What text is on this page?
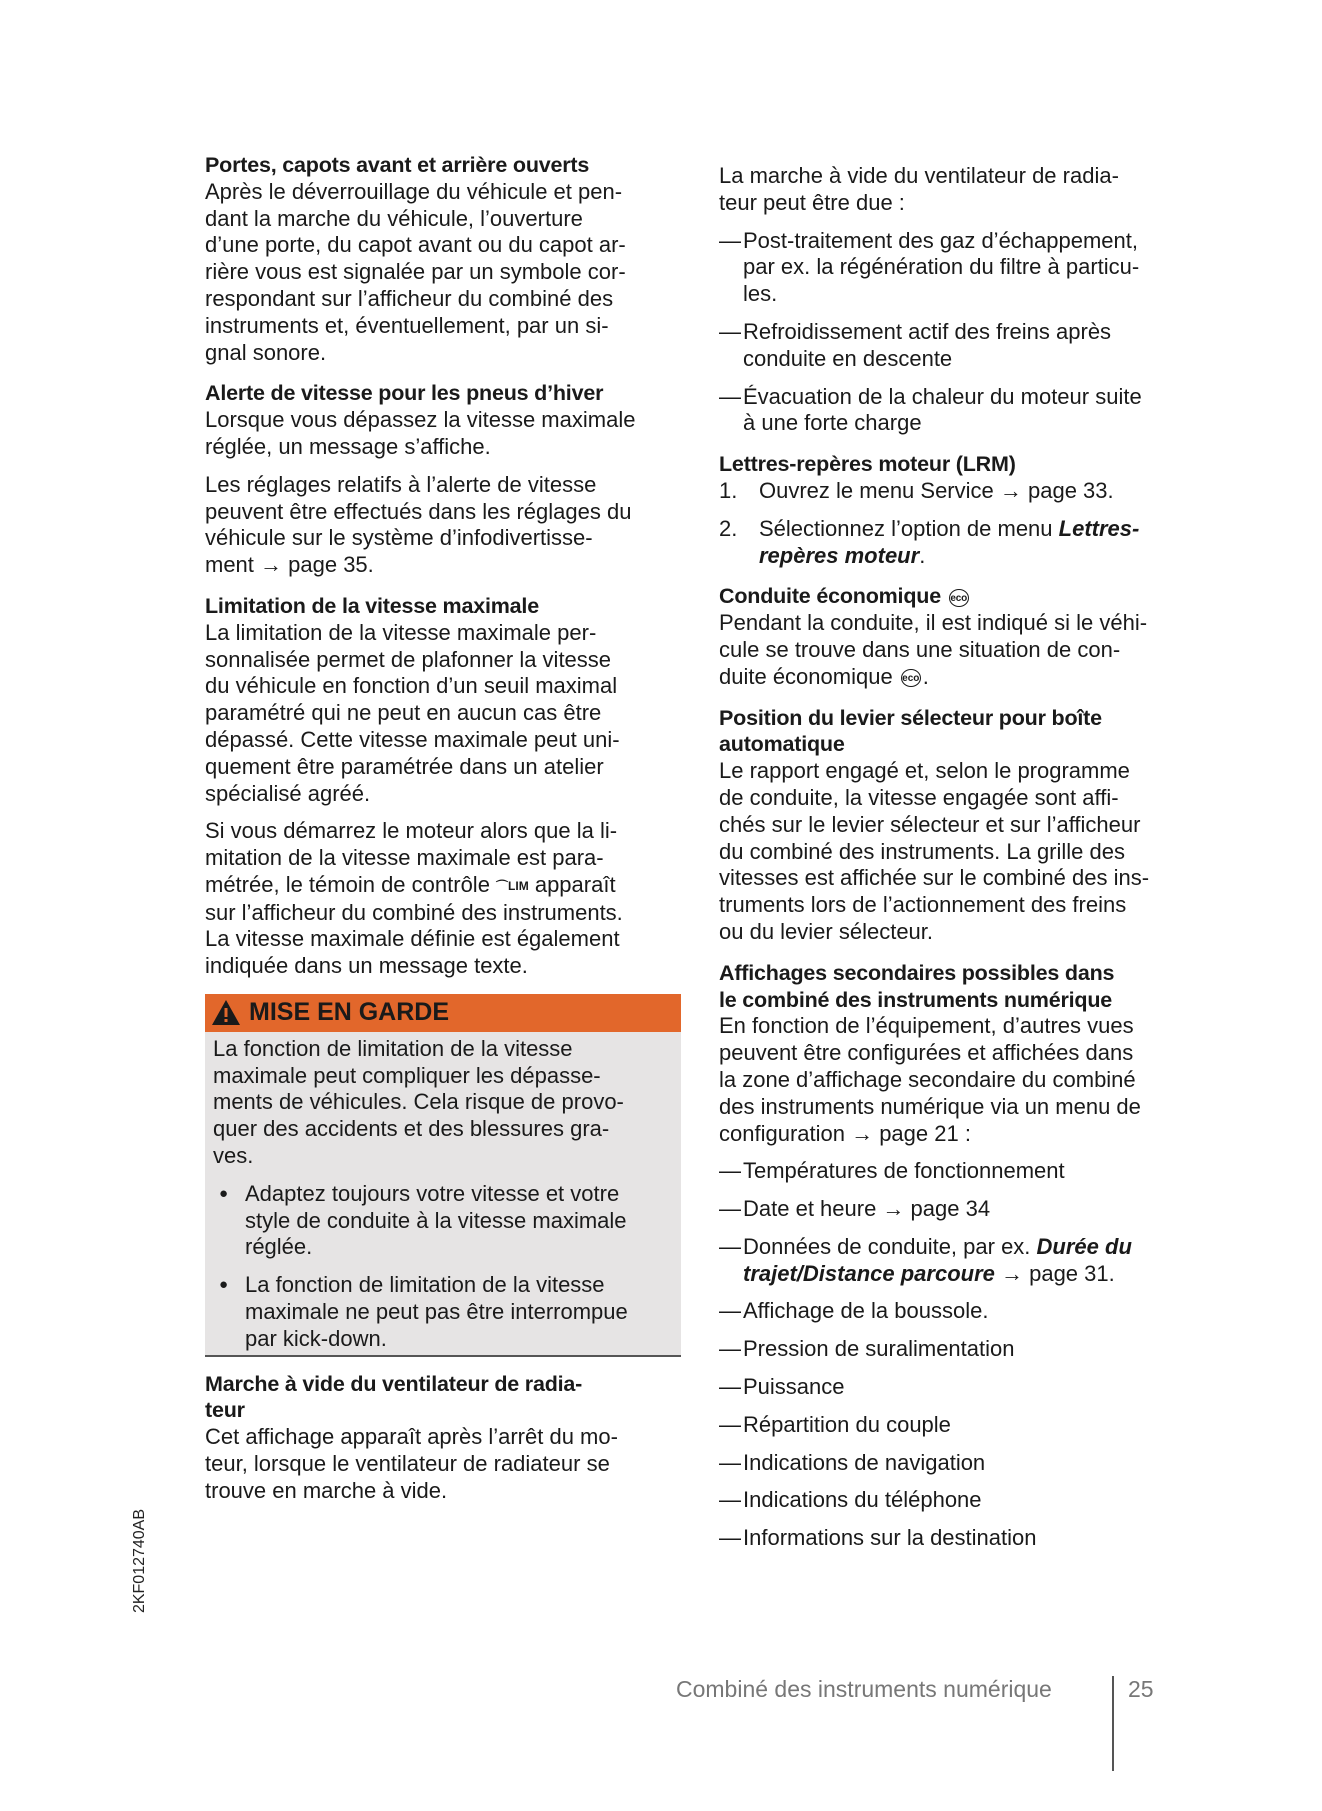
Portes, capots avant et arrière ouverts
Après le déverrouillage du véhicule et pen-
dant la marche du véhicule, l’ouverture
d’une porte, du capot avant ou du capot ar-
rière vous est signalée par un symbole cor-
respondant sur l’afficheur du combiné des
instruments et, éventuellement, par un si-
gnal sonore.
Alerte de vitesse pour les pneus d’hiver
Lorsque vous dépassez la vitesse maximale
réglée, un message s’affiche.
Les réglages relatifs à l’alerte de vitesse
peuvent être effectués dans les réglages du
véhicule sur le système d’infodivertisse-
ment → page 35.
Limitation de la vitesse maximale
La limitation de la vitesse maximale per-
sonnalisée permet de plafonner la vitesse
du véhicule en fonction d’un seuil maximal
paramétré qui ne peut en aucun cas être
dépassé. Cette vitesse maximale peut uni-
quement être paramétrée dans un atelier
spécialisé agréé.
Si vous démarrez le moteur alors que la li-
mitation de la vitesse maximale est para-
métrée, le témoin de contrôle ⌒LIM apparaît
sur l’afficheur du combiné des instruments.
La vitesse maximale définie est également
indiquée dans un message texte.
MISE EN GARDE
La fonction de limitation de la vitesse
maximale peut compliquer les dépasse-
ments de véhicules. Cela risque de provo-
quer des accidents et des blessures gra-
ves.
● Adaptez toujours votre vitesse et votre
style de conduite à la vitesse maximale
réglée.
● La fonction de limitation de la vitesse
maximale ne peut pas être interrompue
par kick-down.
Marche à vide du ventilateur de radia-
teur
Cet affichage apparaît après l’arrêt du mo-
teur, lorsque le ventilateur de radiateur se
trouve en marche à vide.
La marche à vide du ventilateur de radia-
teur peut être due :
— Post-traitement des gaz d’échappement,
par ex. la régénération du filtre à particu-
les.
— Refroidissement actif des freins après
conduite en descente
— Évacuation de la chaleur du moteur suite
à une forte charge
Lettres-repères moteur (LRM)
1. Ouvrez le menu Service → page 33.
2. Sélectionnez l’option de menu Lettres-
repères moteur.
Conduite économique eco
Pendant la conduite, il est indiqué si le véhi-
cule se trouve dans une situation de con-
duite économique eco .
Position du levier sélecteur pour boîte
automatique
Le rapport engagé et, selon le programme
de conduite, la vitesse engagée sont affi-
chés sur le levier sélecteur et sur l’afficheur
du combiné des instruments. La grille des
vitesses est affichée sur le combiné des ins-
truments lors de l’actionnement des freins
ou du levier sélecteur.
Affichages secondaires possibles dans
le combiné des instruments numérique
En fonction de l’équipement, d’autres vues
peuvent être configurées et affichées dans
la zone d’affichage secondaire du combiné
des instruments numérique via un menu de
configuration → page 21 :
— Températures de fonctionnement
— Date et heure → page 34
— Données de conduite, par ex. Durée du
trajet/Distance parcoure → page 31.
— Affichage de la boussole.
— Pression de suralimentation
— Puissance
— Répartition du couple
— Indications de navigation
— Indications du téléphone
— Informations sur la destination
Combiné des instruments numérique	25
2KF012740AB
